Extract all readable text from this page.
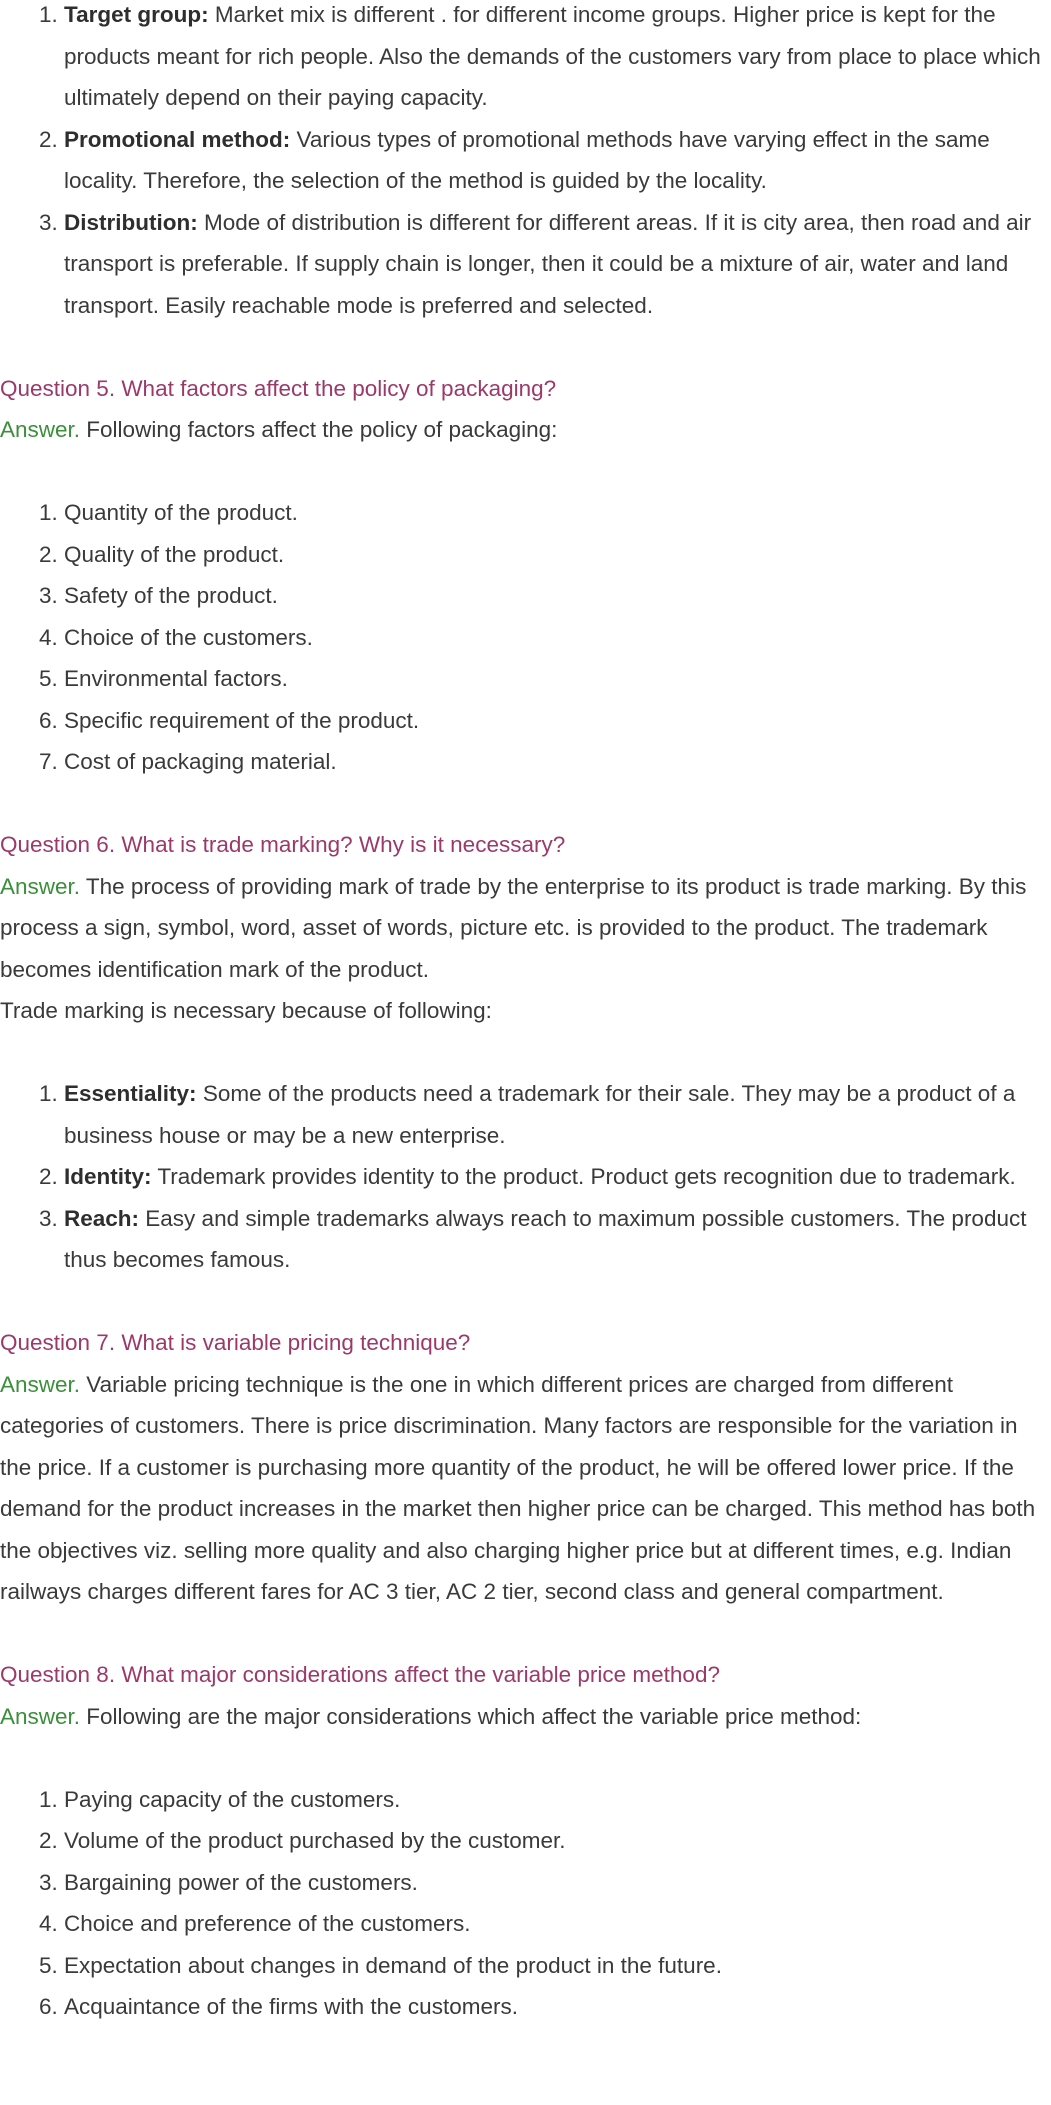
1. Target group: Market mix is different . for different income groups. Higher price is kept for the products meant for rich people. Also the demands of the customers vary from place to place which ultimately depend on their paying capacity.
2. Promotional method: Various types of promotional methods have varying effect in the same locality. Therefore, the selection of the method is guided by the locality.
3. Distribution: Mode of distribution is different for different areas. If it is city area, then road and air transport is preferable. If supply chain is longer, then it could be a mixture of air, water and land transport. Easily reachable mode is preferred and selected.

Question 5. What factors affect the policy of packaging?

Answer. Following factors affect the policy of packaging:

1. Quantity of the product.
2. Quality of the product.
3. Safety of the product.
4. Choice of the customers.
5. Environmental factors.
6. Specific requirement of the product.
7. Cost of packaging material.

Question 6. What is trade marking? Why is it necessary?

Answer. The process of providing mark of trade by the enterprise to its product is trade marking. By this process a sign, symbol, word, asset of words, picture etc. is provided to the product. The trademark becomes identification mark of the product.

Trade marking is necessary because of following:

1. Essentiality: Some of the products need a trademark for their sale. They may be a product of a business house or may be a new enterprise.
2. Identity: Trademark provides identity to the product. Product gets recognition due to trademark.
3. Reach: Easy and simple trademarks always reach to maximum possible customers. The product thus becomes famous.

Question 7. What is variable pricing technique?

Answer. Variable pricing technique is the one in which different prices are charged from different categories of customers. There is price discrimination. Many factors are responsible for the variation in the price. If a customer is purchasing more quantity of the product, he will be offered lower price. If the demand for the product increases in the market then higher price can be charged. This method has both the objectives viz. selling more quality and also charging higher price but at different times, e.g. Indian railways charges different fares for AC 3 tier, AC 2 tier, second class and general compartment.

Question 8. What major considerations affect the variable price method?

Answer. Following are the major considerations which affect the variable price method:

1. Paying capacity of the customers.
2. Volume of the product purchased by the customer.
3. Bargaining power of the customers.
4. Choice and preference of the customers.
5. Expectation about changes in demand of the product in the future.
6. Acquaintance of the firms with the customers.
